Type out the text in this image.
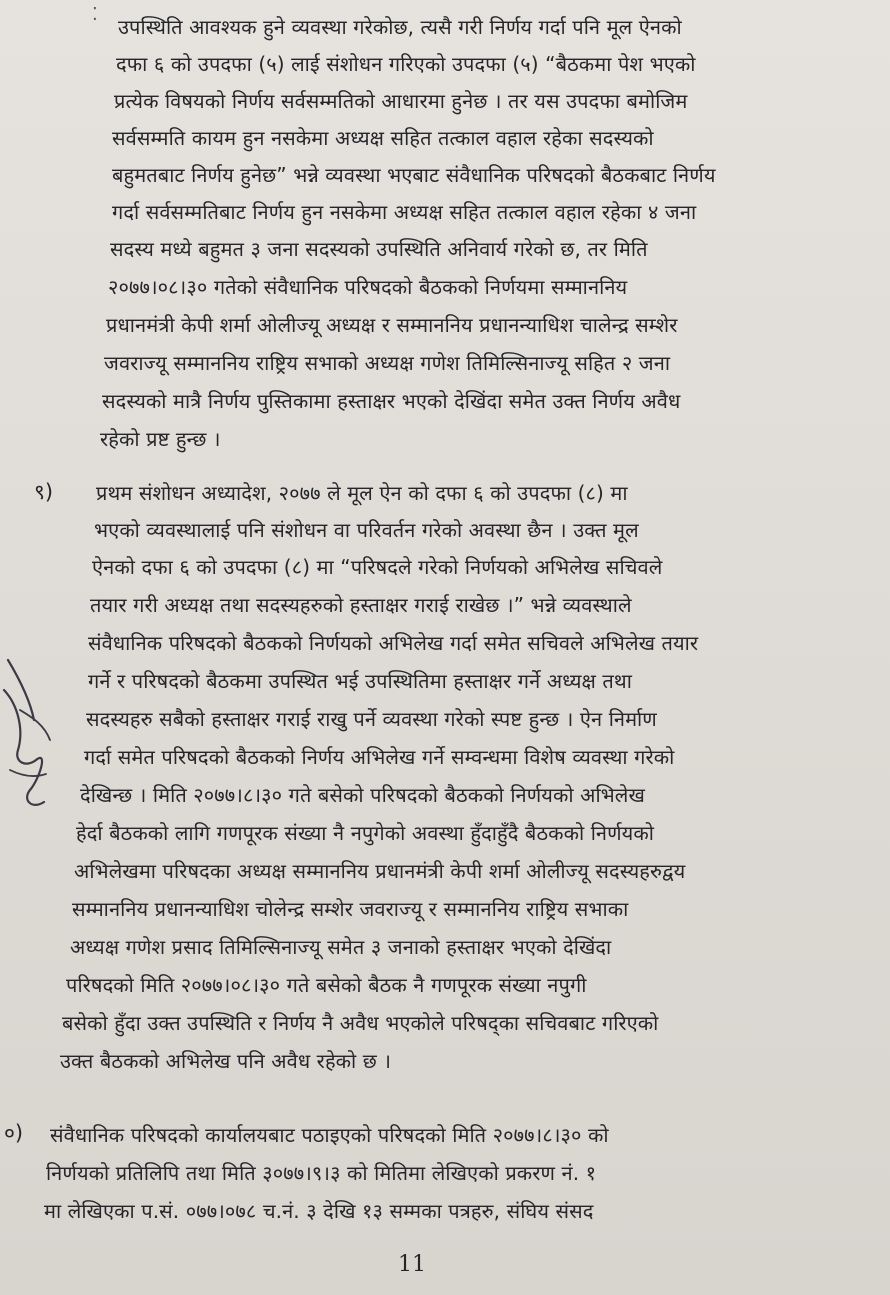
⁚
उपस्थिति आवश्यक हुने व्यवस्था गरेकोछ, त्यसै गरी निर्णय गर्दा पनि मूल ऐनको
दफा ६ को उपदफा (५) लाई संशोधन गरिएको उपदफा (५) “बैठकमा पेश भएको
प्रत्येक विषयको निर्णय सर्वसम्मतिको आधारमा हुनेछ । तर यस उपदफा बमोजिम
सर्वसम्मति कायम हुन नसकेमा अध्यक्ष सहित तत्काल वहाल रहेका सदस्यको
बहुमतबाट निर्णय हुनेछ” भन्ने व्यवस्था भएबाट संवैधानिक परिषदको बैठकबाट निर्णय
गर्दा सर्वसम्मतिबाट निर्णय हुन नसकेमा अध्यक्ष सहित तत्काल वहाल रहेका ४ जना
सदस्य मध्ये बहुमत ३ जना सदस्यको उपस्थिति अनिवार्य गरेको छ, तर मिति
२०७७।०८।३० गतेको संवैधानिक परिषदको बैठकको निर्णयमा सम्माननिय
प्रधानमंत्री केपी शर्मा ओलीज्यू अध्यक्ष र सम्माननिय प्रधानन्याधिश चालेन्द्र सम्शेर
जवराज्यू सम्माननिय राष्ट्रिय सभाको अध्यक्ष गणेश तिमिल्सिनाज्यू सहित २ जना
सदस्यको मात्रै निर्णय पुस्तिकामा हस्ताक्षर भएको देखिंदा समेत उक्त निर्णय अवैध
रहेको प्रष्ट हुन्छ ।
९) प्रथम संशोधन अध्यादेश, २०७७ ले मूल ऐन को दफा ६ को उपदफा (८) मा
भएको व्यवस्थालाई पनि संशोधन वा परिवर्तन गरेको अवस्था छैन । उक्त मूल
ऐनको दफा ६ को उपदफा (८) मा “परिषदले गरेको निर्णयको अभिलेख सचिवले
तयार गरी अध्यक्ष तथा सदस्यहरुको हस्ताक्षर गराई राखेछ ।” भन्ने व्यवस्थाले
संवैधानिक परिषदको बैठकको निर्णयको अभिलेख गर्दा समेत सचिवले अभिलेख तयार
गर्ने र परिषदको बैठकमा उपस्थित भई उपस्थितिमा हस्ताक्षर गर्ने अध्यक्ष तथा
सदस्यहरु सबैको हस्ताक्षर गराई राखु पर्ने व्यवस्था गरेको स्पष्ट हुन्छ । ऐन निर्माण
गर्दा समेत परिषदको बैठकको निर्णय अभिलेख गर्ने सम्वन्धमा विशेष व्यवस्था गरेको
देखिन्छ । मिति २०७७।८।३० गते बसेको परिषदको बैठकको निर्णयको अभिलेख
हेर्दा बैठकको लागि गणपूरक संख्या नै नपुगेको अवस्था हुँदाहुँदै बैठकको निर्णयको
अभिलेखमा परिषदका अध्यक्ष सम्माननिय प्रधानमंत्री केपी शर्मा ओलीज्यू सदस्यहरुद्वय
सम्माननिय प्रधानन्याधिश चोलेन्द्र सम्शेर जवराज्यू र सम्माननिय राष्ट्रिय सभाका
अध्यक्ष गणेश प्रसाद तिमिल्सिनाज्यू समेत ३ जनाको हस्ताक्षर भएको देखिंदा
परिषदको मिति २०७७।०८।३० गते बसेको बैठक नै गणपूरक संख्या नपुगी
बसेको हुँदा उक्त उपस्थिति र निर्णय नै अवैध भएकोले परिषद्का सचिवबाट गरिएको
उक्त बैठकको अभिलेख पनि अवैध रहेको छ ।
०) संवैधानिक परिषदको कार्यालयबाट पठाइएको परिषदको मिति २०७७।८।३० को
निर्णयको प्रतिलिपि तथा मिति ३०७७।९।३ को मितिमा लेखिएको प्रकरण नं. १
मा लेखिएका प.सं. ०७७।०७८ च.नं. ३ देखि १३ सम्मका पत्रहरु, संघिय संसद
11
